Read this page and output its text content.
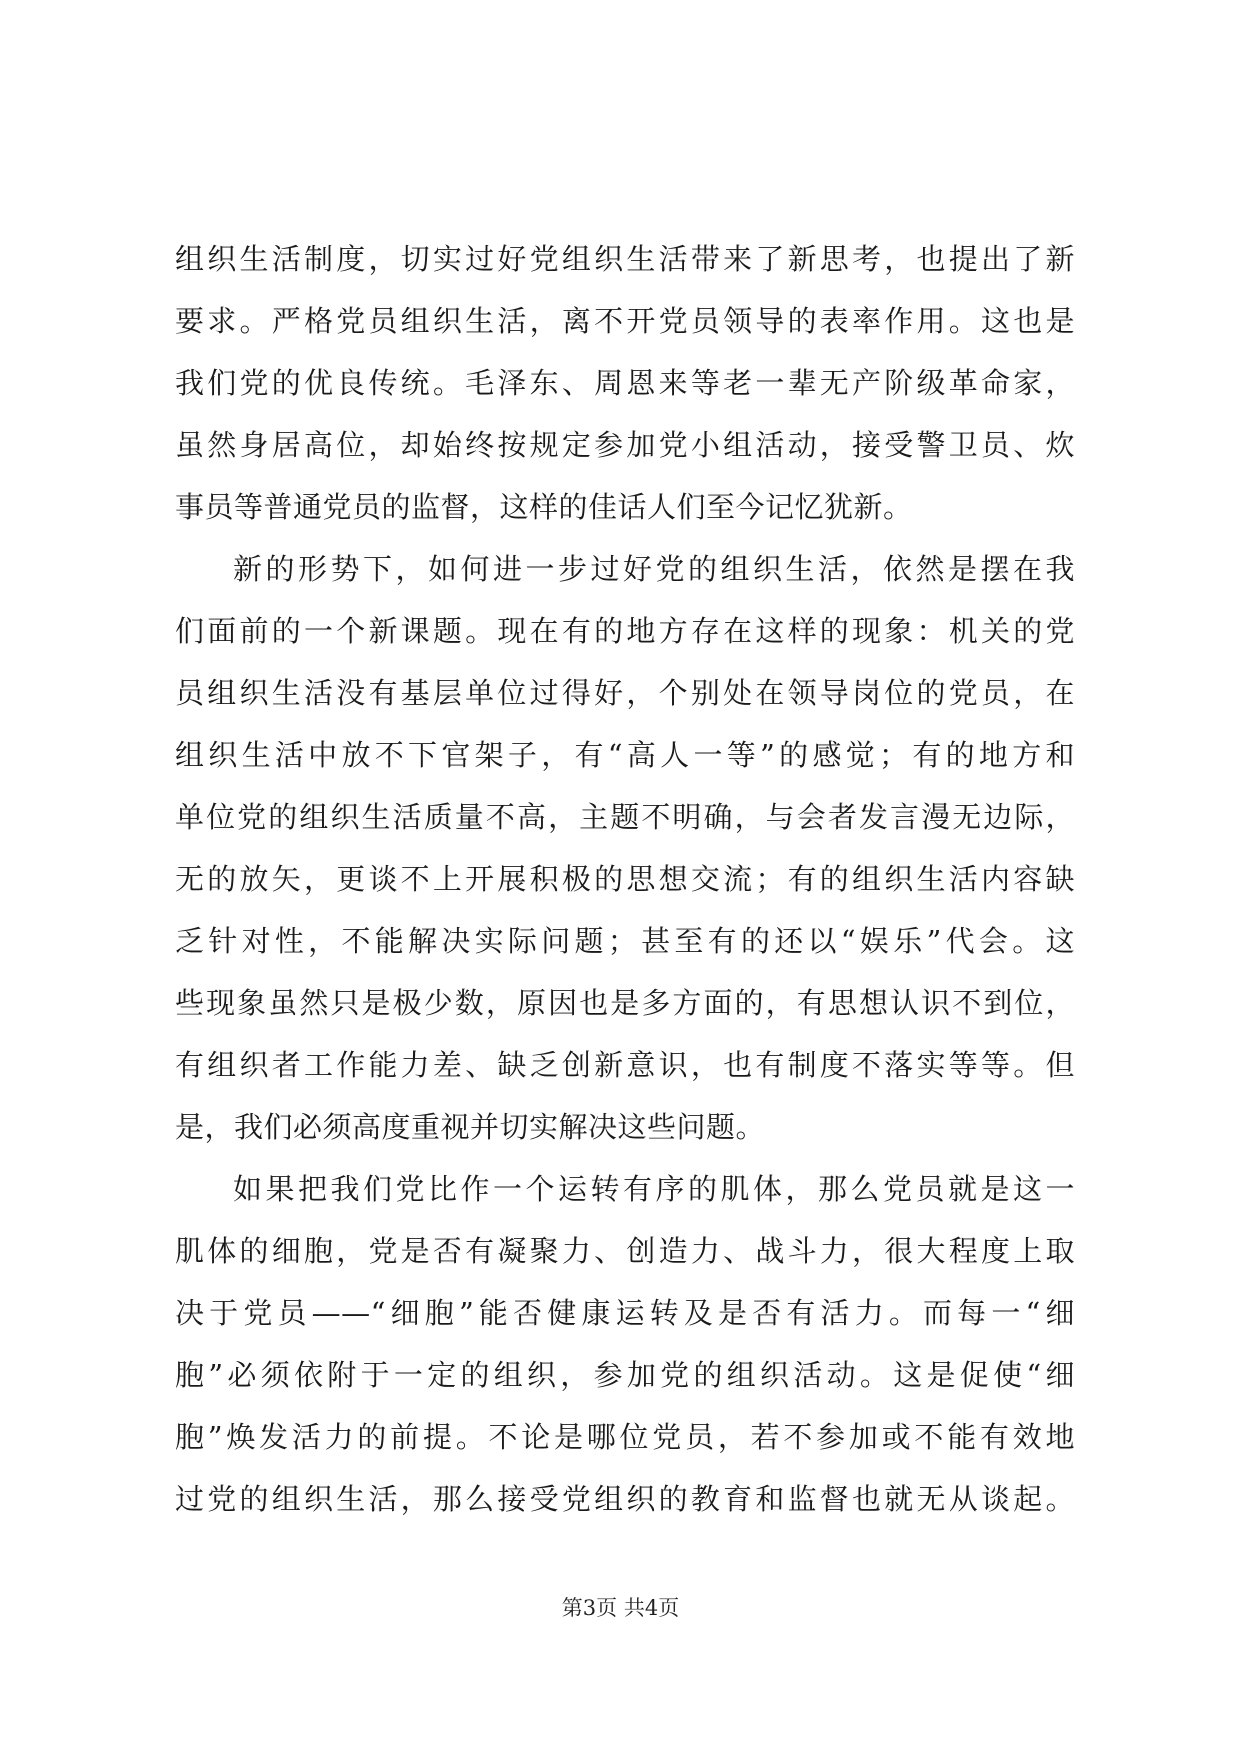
组织生活制度，切实过好党组织生活带来了新思考，也提出了新
要求。严格党员组织生活，离不开党员领导的表率作用。这也是
我们党的优良传统。毛泽东、周恩来等老一辈无产阶级革命家，
虽然身居高位，却始终按规定参加党小组活动，接受警卫员、炊
事员等普通党员的监督，这样的佳话人们至今记忆犹新。
新的形势下，如何进一步过好党的组织生活，依然是摆在我
们面前的一个新课题。现在有的地方存在这样的现象：机关的党
员组织生活没有基层单位过得好，个别处在领导岗位的党员，在
组织生活中放不下官架子，有“高人一等”的感觉；有的地方和
单位党的组织生活质量不高，主题不明确，与会者发言漫无边际，
无的放矢，更谈不上开展积极的思想交流；有的组织生活内容缺
乏针对性，不能解决实际问题；甚至有的还以“娱乐”代会。这
些现象虽然只是极少数，原因也是多方面的，有思想认识不到位，
有组织者工作能力差、缺乏创新意识，也有制度不落实等等。但
是，我们必须高度重视并切实解决这些问题。
如果把我们党比作一个运转有序的肌体，那么党员就是这一
肌体的细胞，党是否有凝聚力、创造力、战斗力，很大程度上取
决于党员——“细胞”能否健康运转及是否有活力。而每一“细
胞”必须依附于一定的组织，参加党的组织活动。这是促使“细
胞”焕发活力的前提。不论是哪位党员，若不参加或不能有效地
过党的组织生活，那么接受党组织的教育和监督也就无从谈起。
第3页 共4页
